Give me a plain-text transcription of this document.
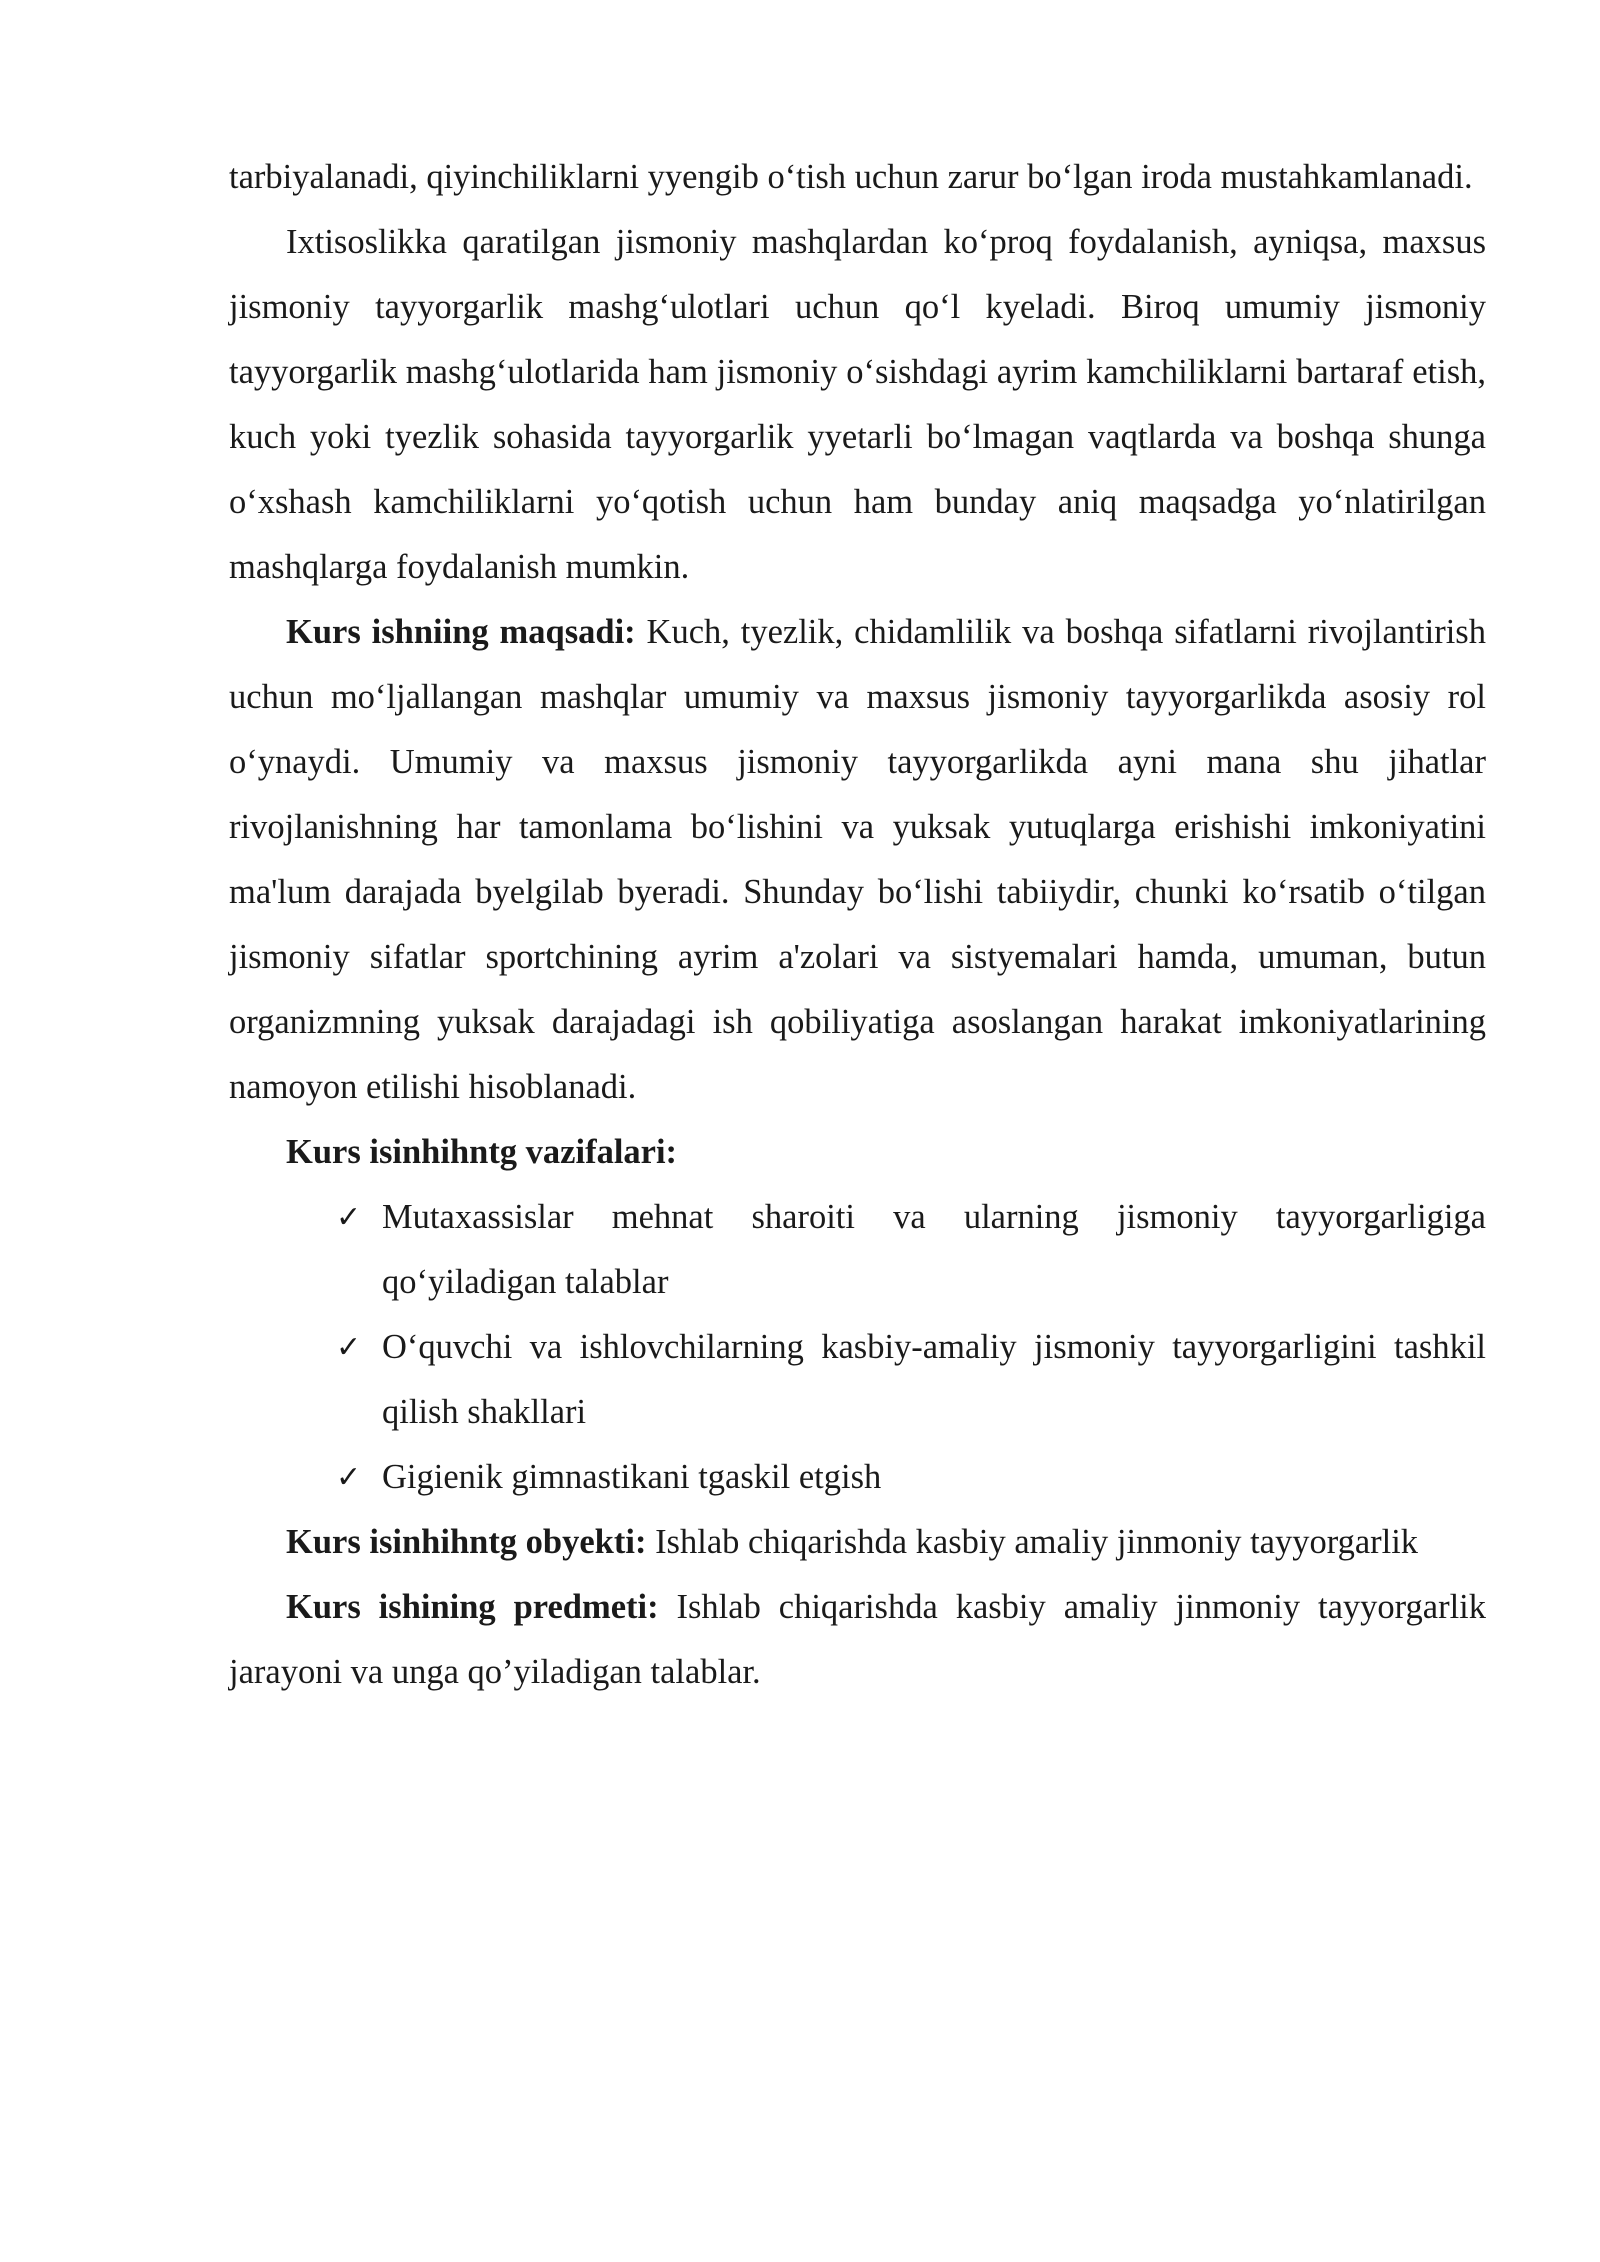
tarbiyalanadi, qiyinchiliklarni yyengib o‘tish uchun zarur bo‘lgan iroda mustahkamlanadi.

Ixtisoslikka qaratilgan jismoniy mashqlardan ko‘proq foydalanish, ayniqsa, maxsus jismoniy tayyorgarlik mashg‘ulotlari uchun qo‘l kyeladi. Biroq umumiy jismoniy tayyorgarlik mashg‘ulotlarida ham jismoniy o‘sishdagi ayrim kamchiliklarni bartaraf etish, kuch yoki tyezlik sohasida tayyorgarlik yyetarli bo‘lmagan vaqtlarda va boshqa shunga o‘xshash kamchiliklarni yo‘qotish uchun ham bunday aniq maqsadga yo‘nlatirilgan mashqlarga foydalanish mumkin.

Kurs ishniing maqsadi: Kuch, tyezlik, chidamlilik va boshqa sifatlarni rivojlantirish uchun mo‘ljallangan mashqlar umumiy va maxsus jismoniy tayyorgarlikda asosiy rol o‘ynaydi. Umumiy va maxsus jismoniy tayyorgarlikda ayni mana shu jihatlar rivojlanishning har tamonlama bo‘lishini va yuksak yutuqlarga erishishi imkoniyatini ma'lum darajada byelgilab byeradi. Shunday bo‘lishi tabiiydir, chunki ko‘rsatib o‘tilgan jismoniy sifatlar sportchining ayrim a'zolari va sistyemalari hamda, umuman, butun organizmning yuksak darajadagi ish qobiliyatiga asoslangan harakat imkoniyatlarining namoyon etilishi hisoblanadi.

Kurs isinhihntg vazifalari:

✓ Mutaxassislar mehnat sharoiti va ularning jismoniy tayyorgarligiga qo‘yiladigan talablar
✓ O‘quvchi va ishlovchilarning kasbiy-amaliy jismoniy tayyorgarligini tashkil qilish shakllari
✓ Gigienik gimnastikani tgaskil etgish

Kurs isinhihntg obyekti: Ishlab chiqarishda kasbiy amaliy jinmoniy tayyorgarlik

Kurs ishining predmeti: Ishlab chiqarishda kasbiy amaliy jinmoniy tayyorgarlik jarayoni va unga qo’yiladigan talablar.
